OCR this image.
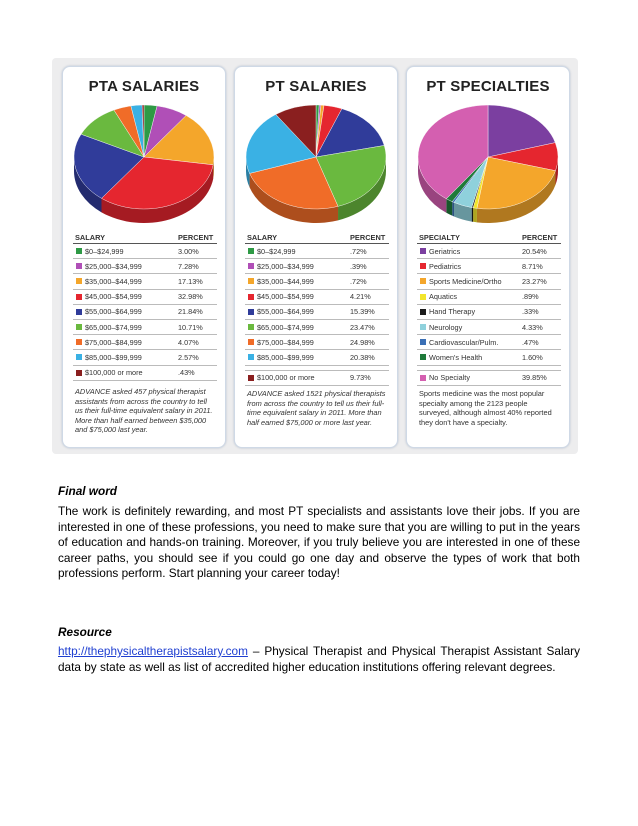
PTA SALARIES
SALARY	PERCENT
$0–$24,999	3.00%
$25,000–$34,999	7.28%
$35,000–$44,999	17.13%
$45,000–$54,999	32.98%
$55,000–$64,999	21.84%
$65,000–$74,999	10.71%
$75,000–$84,999	4.07%
$85,000–$99,999	2.57%
$100,000 or more	.43%
ADVANCE asked 457 physical therapist assistants from across the country to tell us their full-time equivalent salary in 2011. More than half earned between $35,000 and $75,000 last year.
PT SALARIES
SALARY	PERCENT
$0–$24,999	.72%
$25,000–$34,999	.39%
$35,000–$44,999	.72%
$45,000–$54,999	4.21%
$55,000–$64,999	15.39%
$65,000–$74,999	23.47%
$75,000–$84,999	24.98%
$85,000–$99,999	20.38%
$100,000 or more	9.73%
ADVANCE asked 1521 physical therapists from across the country to tell us their full-time equivalent salary in 2011. More than half earned $75,000 or more last year.
PT SPECIALTIES
SPECIALTY	PERCENT
Geriatrics	20.54%
Pediatrics	8.71%
Sports Medicine/Ortho	23.27%
Aquatics	.89%
Hand Therapy	.33%
Neurology	4.33%
Cardiovascular/Pulm.	.47%
Women's Health	1.60%
No Specialty	39.85%
Sports medicine was the most popular specialty among the 2123 people surveyed, although almost 40% reported they don't have a specialty.
Final word
The work is definitely rewarding, and most PT specialists and assistants love their jobs. If you are interested in one of these professions, you need to make sure that you are willing to put in the years of education and hands-on training. Moreover, if you truly believe you are interested in one of these career paths, you should see if you could go one day and observe the types of work that both professions perform. Start planning your career today!
Resource
http://thephysicaltherapistsalary.com – Physical Therapist and Physical Therapist Assistant Salary data by state as well as list of accredited higher education institutions offering relevant degrees.
